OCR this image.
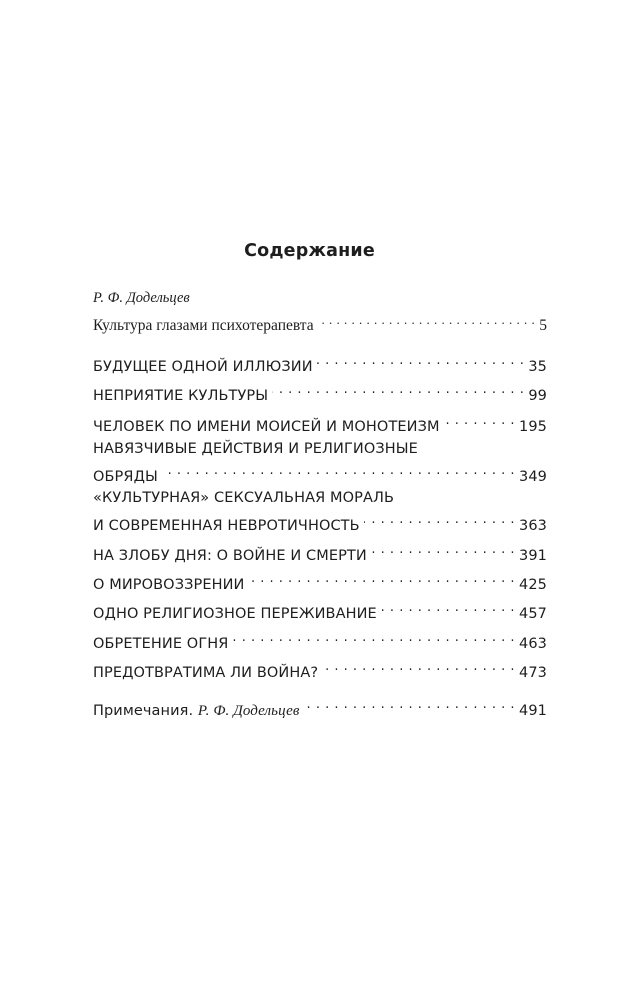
Содержание
Р. Ф. Додельцев
Культура глазами психотерапевта . . .	5
БУДУЩЕЕ ОДНОЙ ИЛЛЮЗИИ . . .	35
НЕПРИЯТИЕ КУЛЬТУРЫ . . .	99
ЧЕЛОВЕК ПО ИМЕНИ МОИСЕЙ И МОНОТЕИЗМ . . .	195
НАВЯЗЧИВЫЕ ДЕЙСТВИЯ И РЕЛИГИОЗНЫЕ
ОБРЯДЫ . . .	349
«КУЛЬТУРНАЯ» СЕКСУАЛЬНАЯ МОРАЛЬ
И СОВРЕМЕННАЯ НЕВРОТИЧНОСТЬ . . .	363
НА ЗЛОБУ ДНЯ: О ВОЙНЕ И СМЕРТИ . . .	391
О МИРОВОЗЗРЕНИИ . . .	425
ОДНО РЕЛИГИОЗНОЕ ПЕРЕЖИВАНИЕ . . .	457
ОБРЕТЕНИЕ ОГНЯ . . .	463
ПРЕДОТВРАТИМА ЛИ ВОЙНА? . . .	473
Примечания. Р. Ф. Додельцев . . .	491
